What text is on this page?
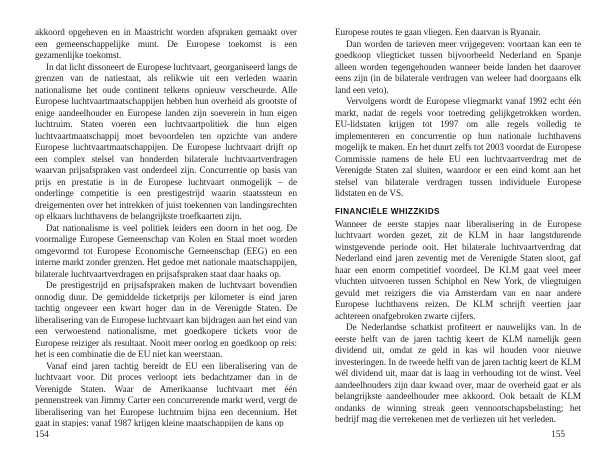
akkoord opgeheven en in Maastricht worden afspraken gemaakt over een gemeenschappelijke munt. De Europese toekomst is een gezamenlijke toekomst.

In dat licht dissoneert de Europese luchtvaart, georganiseerd langs de grenzen van de natiestaat, als relikwie uit een verleden waarin nationalisme het oude continent telkens opnieuw verscheurde. Alle Europese luchtvaartmaatschappijen hebben hun overheid als grootste of enige aandeelhouder en Europese landen zijn soeverein in hun eigen luchtruim. Staten voeren een luchtvaartpolitiek die hun eigen luchtvaartmaatschappij moet bevoordelen ten opzichte van andere Europese luchtvaartmaatschappijen. De Europese luchtvaart drijft op een complex stelsel van honderden bilaterale luchtvaartverdragen waarvan prijsafspraken vast onderdeel zijn. Concurrentie op basis van prijs en prestatie is in de Europese luchtvaart onmogelijk – de onderlinge competitie is een prestigestrijd waarin staatssteun en dreigementen over het intrekken of juist toekennen van landingsrechten op elkaars luchthavens de belangrijkste troefkaarten zijn.

Dat nationalisme is veel politiek leiders een doorn in het oog. De voormalige Europese Gemeenschap van Kolen en Staal moet worden omgevormd tot Europese Economische Gemeenschap (EEG) en een interne markt zonder grenzen. Het gedoe met nationale maatschappijen, bilaterale luchtvaartverdragen en prijsafspraken staat daar haaks op.

De prestigestrijd en prijsafspraken maken de luchtvaart bovendien onnodig duur. De gemiddelde ticketprijs per kilometer is eind jaren tachtig ongeveer een kwart hoger dan in de Verenigde Staten. De liberalisering van de Europese luchtvaart kan bijdragen aan het eind van een verwoestend nationalisme, met goedkopere tickets voor de Europese reiziger als resultaat. Nooit meer oorlog en goedkoop op reis: het is een combinatie die de EU niet kan weerstaan.

Vanaf eind jaren tachtig bereidt de EU een liberalisering van de luchtvaart voor. Dit proces verloopt iets bedachtzamer dan in de Verenigde Staten. Waar de Amerikaanse luchtvaart met één pennenstreek van Jimmy Carter een concurrerende markt werd, vergt de liberalisering van het Europese luchtruim bijna een decennium. Het gaat in stapjes: vanaf 1987 krijgen kleine maatschappijen de kans op

154

Europese routes te gaan vliegen. Een daarvan is Ryanair.

Dan worden de tarieven meer vrijgegeven: voortaan kan een te goedkoop vliegticket tussen bijvoorbeeld Nederland en Spanje alleen worden tegengehouden wanneer beide landen het daarover eens zijn (in de bilaterale verdragen van weleer had doorgaans elk land een veto).

Vervolgens wordt de Europese vliegmarkt vanaf 1992 echt één markt, nadat de regels voor toetreding gelijkgetrokken worden. EU-lidstaten krijgen tot 1997 om alle regels volledig te implementeren en concurrentie op hun nationale luchthavens mogelijk te maken. En het duurt zelfs tot 2003 voordat de Europese Commissie namens de hele EU een luchtvaartverdrag met de Verenigde Staten zal sluiten, waardoor er een eind komt aan het stelsel van bilaterale verdragen tussen individuele Europese lidstaten en de VS.

FINANCIËLE WHIZZKIDS

Wanneer de eerste stapjes naar liberalisering in de Europese luchtvaart worden gezet, zit de KLM in haar langstdurende winstgevende periode ooit. Het bilaterale luchtvaartverdrag dat Nederland eind jaren zeventig met de Verenigde Staten sloot, gaf haar een enorm competitief voordeel. De KLM gaat veel meer vluchten uitvoeren tussen Schiphol en New York, de vliegtuigen gevuld met reizigers die via Amsterdam van en naar andere Europese luchthavens reizen. De KLM schrijft veertien jaar achtereen onafgebroken zwarte cijfers.

De Nederlandse schatkist profiteert er nauwelijks van. In de eerste helft van de jaren tachtig keert de KLM namelijk geen dividend uit, omdat ze geld in kas wil houden voor nieuwe investeringen. In de tweede helft van de jaren tachtig keert de KLM wél dividend uit, maar dat is laag in verhouding tot de winst. Veel aandeelhouders zijn daar kwaad over, maar de overheid gaat er als belangrijkste aandeelhouder mee akkoord. Ook betaalt de KLM ondanks de winning streak geen vennootschapsbelasting; het bedrijf mag die verrekenen met de verliezen uit het verleden.

155
